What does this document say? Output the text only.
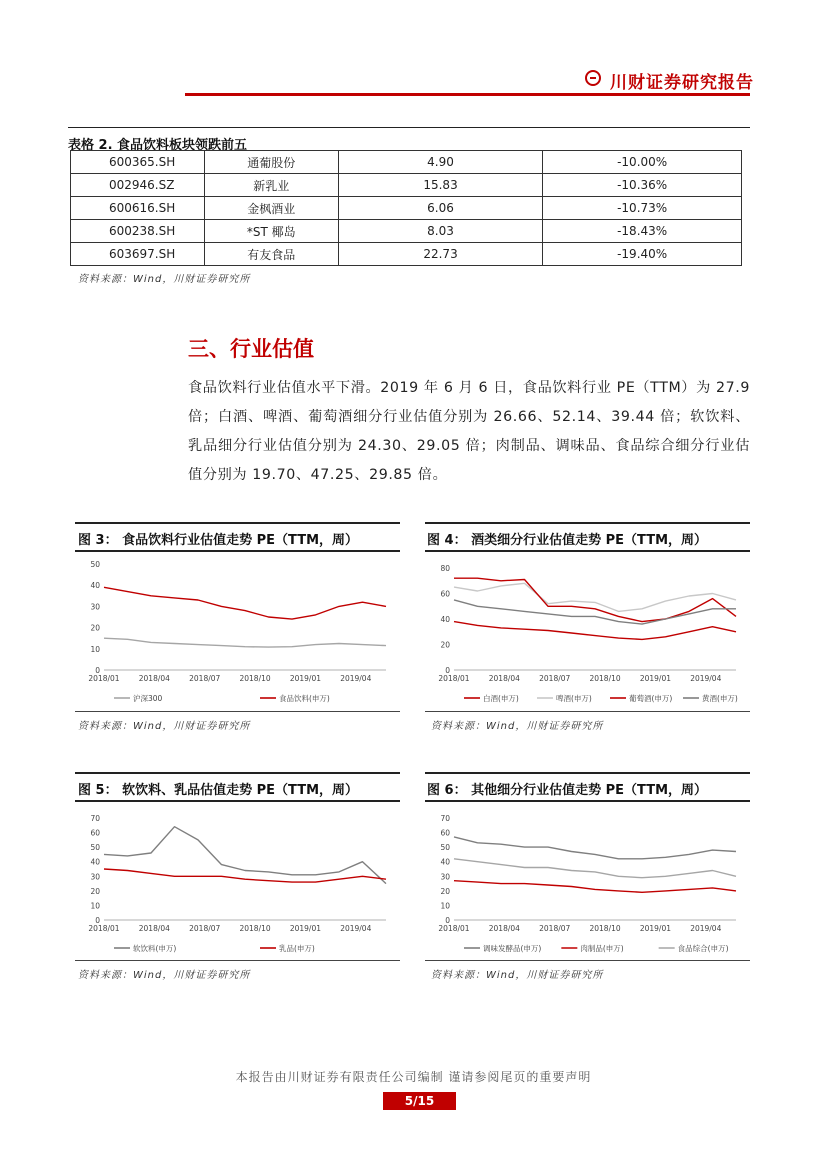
川财证券研究报告
表格 2. 食品饮料板块领跌前五
600365.SH	通葡股份	4.90	-10.00%
002946.SZ	新乳业	15.83	-10.36%
600616.SH	金枫酒业	6.06	-10.73%
600238.SH	*ST 椰岛	8.03	-18.43%
603697.SH	有友食品	22.73	-19.40%
资料来源：Wind，川财证券研究所
三、行业估值
食品饮料行业估值水平下滑。2019 年 6 月 6 日，食品饮料行业 PE（TTM）为 27.9 倍；白酒、啤酒、葡萄酒细分行业估值分别为 26.66、52.14、39.44 倍；软饮料、乳品细分行业估值分别为 24.30、29.05 倍；肉制品、调味品、食品综合细分行业估值分别为 19.70、47.25、29.85 倍。
图 3： 食品饮料行业估值走势 PE（TTM，周）
0
10
20
30
40
50
2018/01	2018/04	2018/07	2018/10	2019/01	2019/04
沪深300	食品饮料(申万)
资料来源：Wind，川财证券研究所
图 4： 酒类细分行业估值走势 PE（TTM，周）
0
20
40
60
80
2018/01	2018/04	2018/07	2018/10	2019/01	2019/04
白酒(申万)	啤酒(申万)	葡萄酒(申万)	黄酒(申万)
资料来源：Wind，川财证券研究所
图 5： 软饮料、乳品估值走势 PE（TTM，周）
0
10
20
30
40
50
60
70
2018/01	2018/04	2018/07	2018/10	2019/01	2019/04
软饮料(申万)	乳品(申万)
资料来源：Wind，川财证券研究所
图 6： 其他细分行业估值走势 PE（TTM，周）
0
10
20
30
40
50
60
70
2018/01	2018/04	2018/07	2018/10	2019/01	2019/04
调味发酵品(申万)	肉制品(申万)	食品综合(申万)
资料来源：Wind，川财证券研究所
本报告由川财证券有限责任公司编制 谨请参阅尾页的重要声明
5/15
